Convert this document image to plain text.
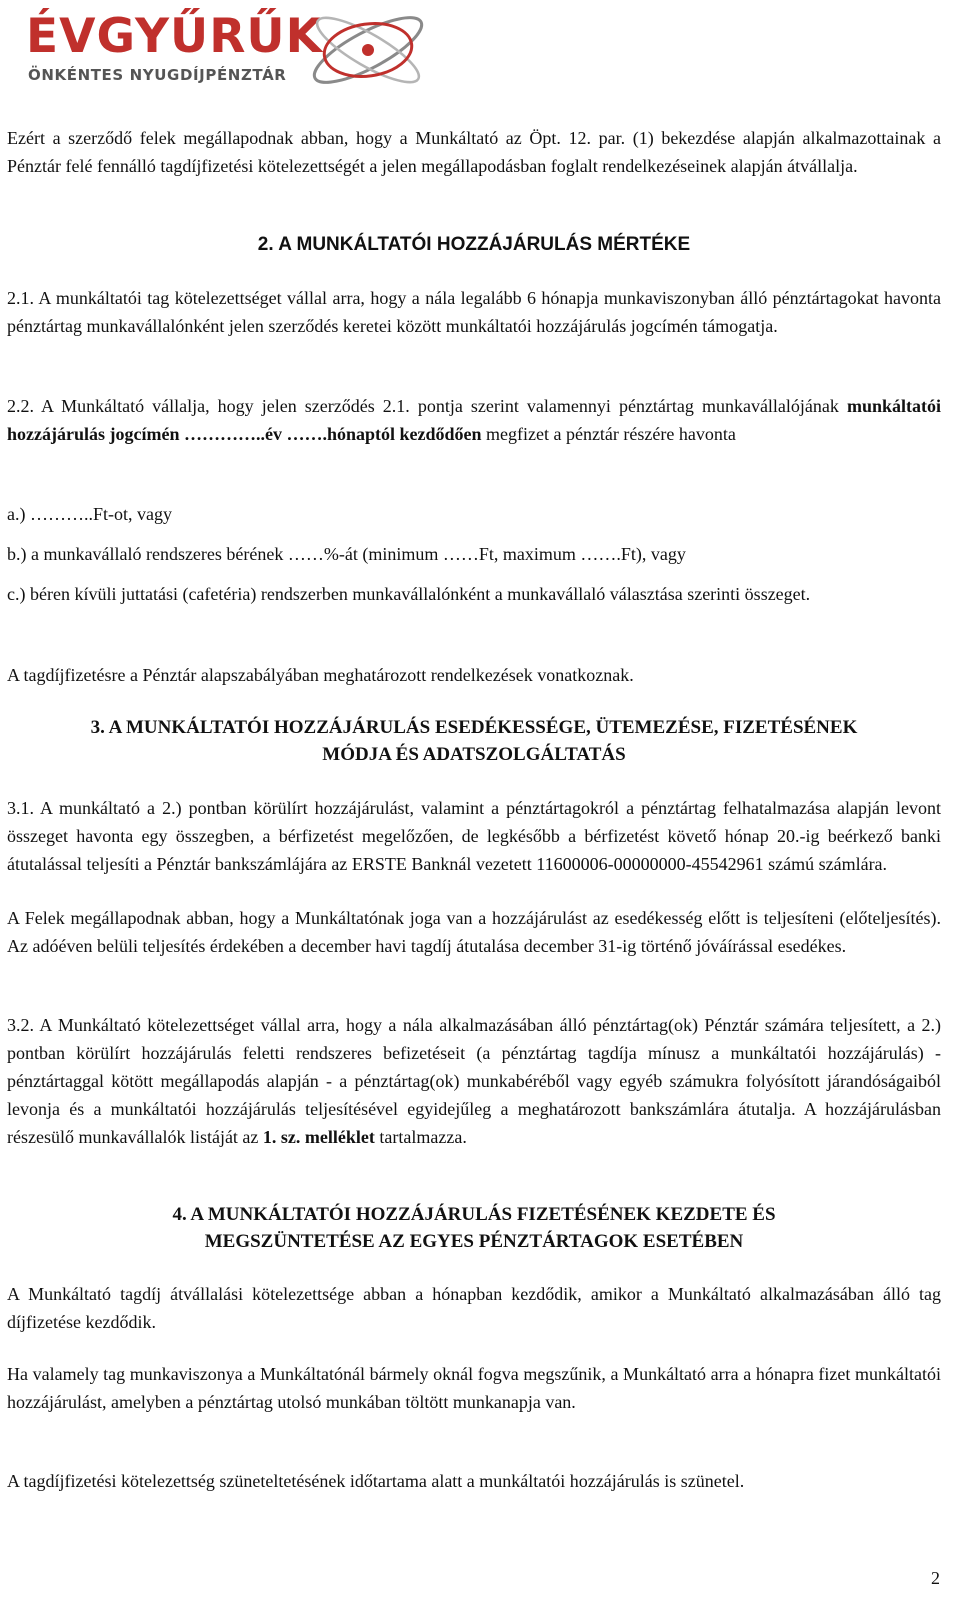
ÉVGYŰRŰK
ÖNKÉNTES NYUGDÍJPÉNZTÁR

Ezért a szerződő felek megállapodnak abban, hogy a Munkáltató az Öpt. 12. par. (1) bekezdése alapján alkalmazottainak a Pénztár felé fennálló tagdíjfizetési kötelezettségét a jelen megállapodásban foglalt rendelkezéseinek alapján átvállalja.

2. A MUNKÁLTATÓI HOZZÁJÁRULÁS MÉRTÉKE

2.1. A munkáltatói tag kötelezettséget vállal arra, hogy a nála legalább 6 hónapja munkaviszonyban álló pénztártagokat havonta pénztártag munkavállalónként jelen szerződés keretei között munkáltatói hozzájárulás jogcímén támogatja.

2.2. A Munkáltató vállalja, hogy jelen szerződés 2.1. pontja szerint valamennyi pénztártag munkavállalójának munkáltatói hozzájárulás jogcímén …………..év …….hónaptól kezdődően megfizet a pénztár részére havonta

a.) ………..Ft-ot, vagy

b.) a munkavállaló rendszeres bérének ……%-át (minimum ……Ft, maximum …….Ft), vagy

c.) béren kívüli juttatási (cafetéria) rendszerben munkavállalónként a munkavállaló választása szerinti összeget.

A tagdíjfizetésre a Pénztár alapszabályában meghatározott rendelkezések vonatkoznak.

3. A MUNKÁLTATÓI HOZZÁJÁRULÁS ESEDÉKESSÉGE, ÜTEMEZÉSE, FIZETÉSÉNEK

MÓDJA ÉS ADATSZOLGÁLTATÁS

3.1. A munkáltató a 2.) pontban körülírt hozzájárulást, valamint a pénztártagokról a pénztártag felhatalmazása alapján levont összeget havonta egy összegben, a bérfizetést megelőzően, de legkésőbb a bérfizetést követő hónap 20.-ig beérkező banki átutalással teljesíti a Pénztár bankszámlájára az ERSTE Banknál vezetett 11600006-00000000-45542961 számú számlára.

A Felek megállapodnak abban, hogy a Munkáltatónak joga van a hozzájárulást az esedékesség előtt is teljesíteni (előteljesítés). Az adóéven belüli teljesítés érdekében a december havi tagdíj átutalása december 31-ig történő jóváírással esedékes.

3.2. A Munkáltató kötelezettséget vállal arra, hogy a nála alkalmazásában álló pénztártag(ok) Pénztár számára teljesített, a 2.) pontban körülírt hozzájárulás feletti rendszeres befizetéseit (a pénztártag tagdíja mínusz a munkáltatói hozzájárulás) - pénztártaggal kötött megállapodás alapján - a pénztártag(ok) munkabéréből vagy egyéb számukra folyósított járandóságaiból levonja és a munkáltatói hozzájárulás teljesítésével egyidejűleg a meghatározott bankszámlára átutalja. A hozzájárulásban részesülő munkavállalók listáját az 1. sz. melléklet tartalmazza.

4. A MUNKÁLTATÓI HOZZÁJÁRULÁS FIZETÉSÉNEK KEZDETE ÉS

MEGSZÜNTETÉSE AZ EGYES PÉNZTÁRTAGOK ESETÉBEN

A Munkáltató tagdíj átvállalási kötelezettsége abban a hónapban kezdődik, amikor a Munkáltató alkalmazásában álló tag díjfizetése kezdődik.

Ha valamely tag munkaviszonya a Munkáltatónál bármely oknál fogva megszűnik, a Munkáltató arra a hónapra fizet munkáltatói hozzájárulást, amelyben a pénztártag utolsó munkában töltött munkanapja van.

A tagdíjfizetési kötelezettség szüneteltetésének időtartama alatt a munkáltatói hozzájárulás is szünetel.

2
